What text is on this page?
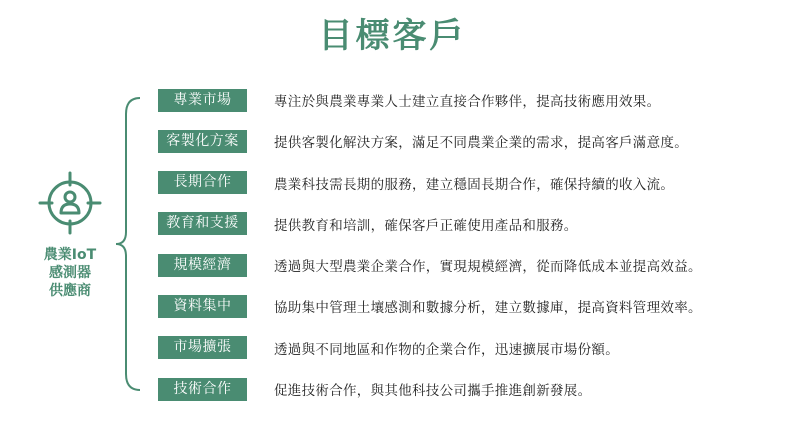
目標客戶
農業IoT
感測器
供應商
專業市場	專注於與農業專業人士建立直接合作夥伴，提高技術應用效果。
客製化方案	提供客製化解決方案，滿足不同農業企業的需求，提高客戶滿意度。
長期合作	農業科技需長期的服務，建立穩固長期合作，確保持續的收入流。
教育和支援	提供教育和培訓，確保客戶正確使用產品和服務。
規模經濟	透過與大型農業企業合作，實現規模經濟，從而降低成本並提高效益。
資料集中	協助集中管理土壤感測和數據分析，建立數據庫，提高資料管理效率。
市場擴張	透過與不同地區和作物的企業合作，迅速擴展市場份額。
技術合作	促進技術合作，與其他科技公司攜手推進創新發展。
